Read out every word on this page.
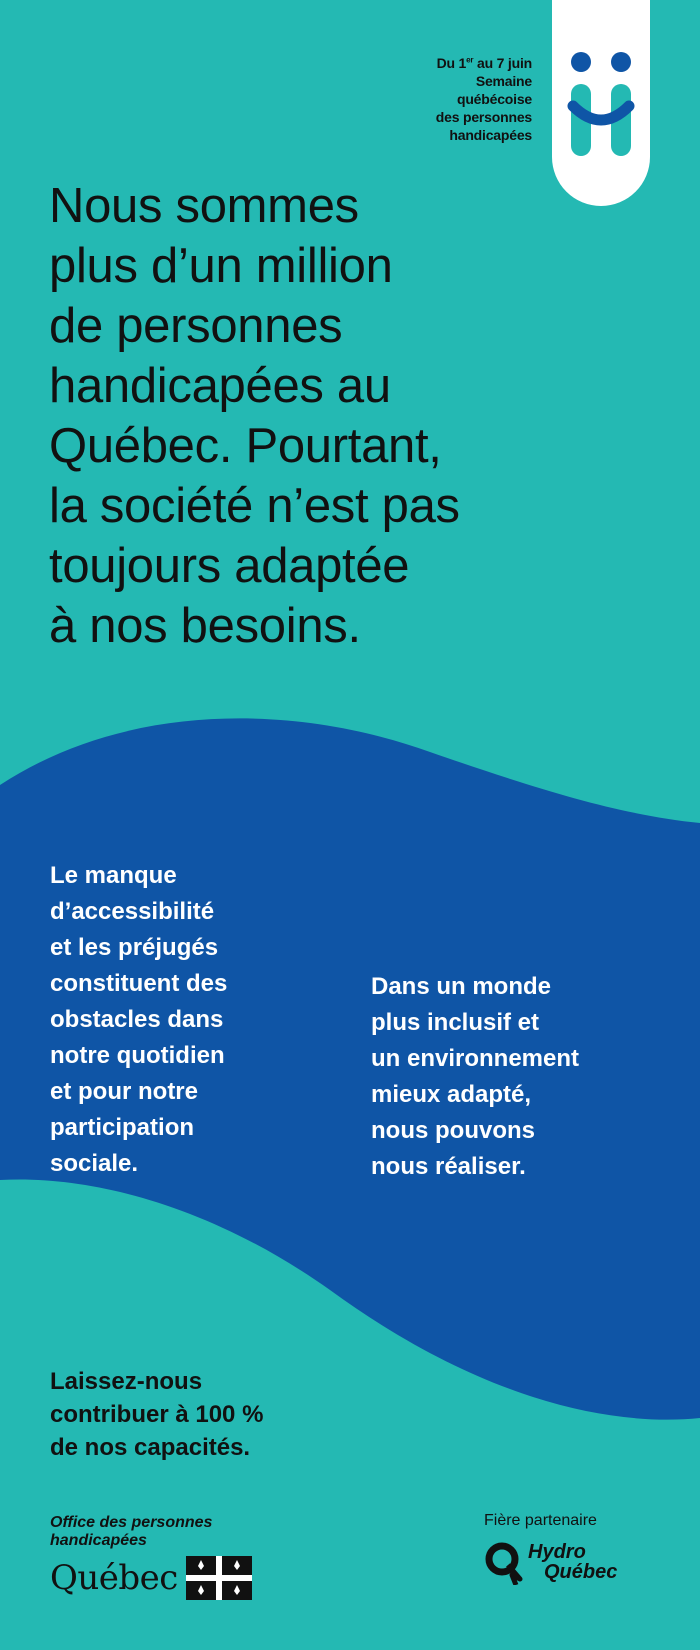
Du 1er au 7 juin
Semaine
québécoise
des personnes
handicapées
Nous sommes
plus d’un million
de personnes
handicapées au
Québec. Pourtant,
la société n’est pas
toujours adaptée
à nos besoins.

Le manque
d’accessibilité
et les préjugés
constituent des
obstacles dans
notre quotidien
et pour notre
participation
sociale.

Dans un monde
plus inclusif et
un environnement
mieux adapté,
nous pouvons
nous réaliser.

Laissez-nous
contribuer à 100 %
de nos capacités.

Office des personnes
handicapées
Québec
Fière partenaire
Hydro
Québec
